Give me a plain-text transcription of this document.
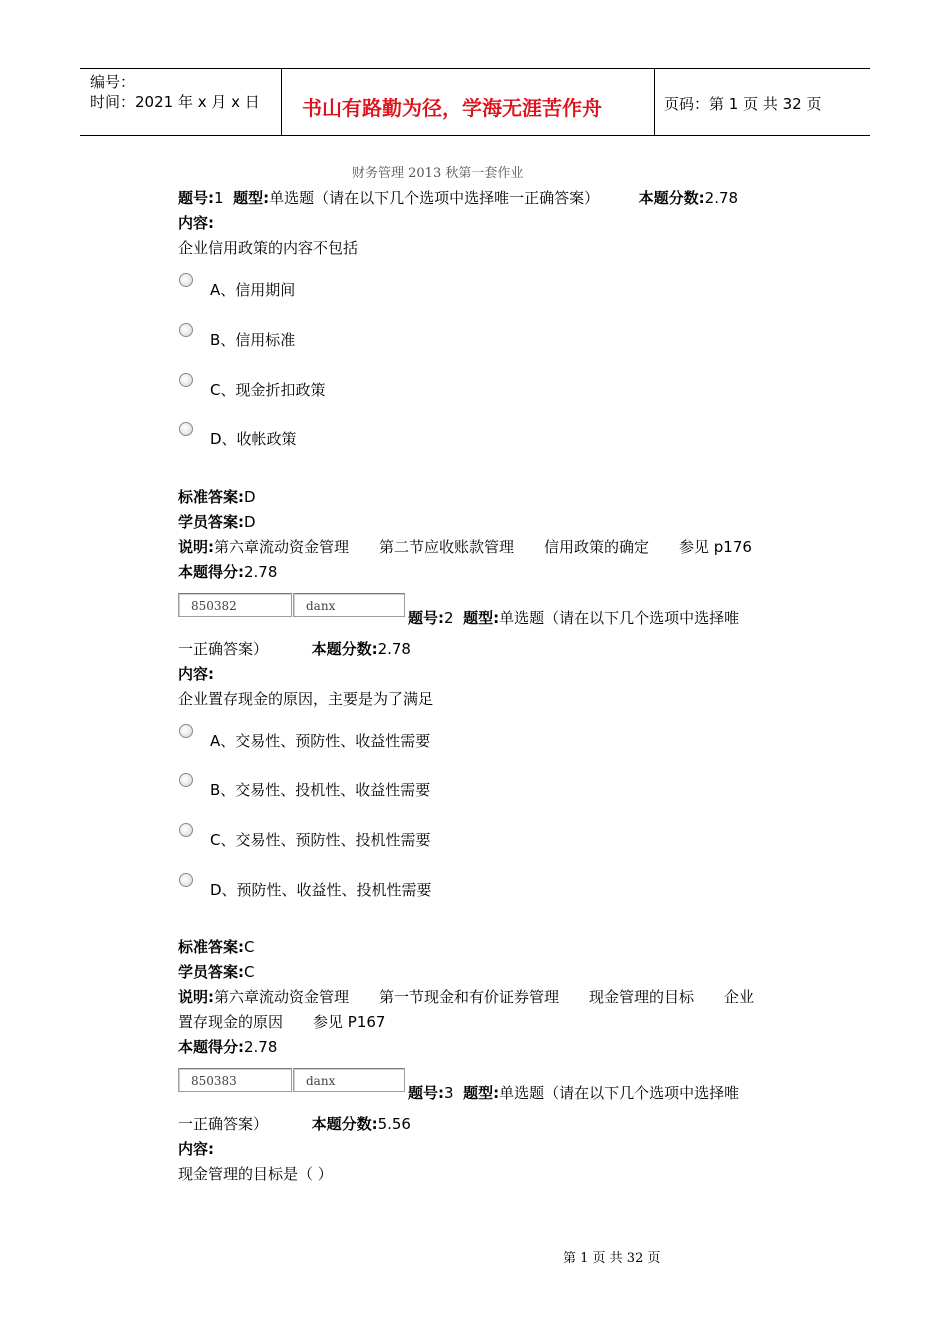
编号：
时间：2021 年 x 月 x 日 书山有路勤为径，学海无涯苦作舟	页码：第 1 页 共 32 页
财务管理 2013 秋第一套作业
题号:1 题型:单选题（请在以下几个选项中选择唯一正确答案）	本题分数:2.78
内容:
企业信用政策的内容不包括
A、信用期间
B、信用标准
C、现金折扣政策
D、收帐政策
标准答案:D
学员答案:D
说明:第六章流动资金管理　　第二节应收账款管理　　信用政策的确定　　参见 p176
本题得分:2.78
850382	danx
题号:2 题型:单选题（请在以下几个选项中选择唯
一正确答案）	本题分数:2.78
内容:
企业置存现金的原因，主要是为了满足
A、交易性、预防性、收益性需要
B、交易性、投机性、收益性需要
C、交易性、预防性、投机性需要
D、预防性、收益性、投机性需要
标准答案:C
学员答案:C
说明:第六章流动资金管理　　第一节现金和有价证券管理　　现金管理的目标　　企业
置存现金的原因　　参见 P167
本题得分:2.78
850383	danx
题号:3 题型:单选题（请在以下几个选项中选择唯
一正确答案）	本题分数:5.56
内容:
现金管理的目标是（ ）
第 1 页 共 32 页
